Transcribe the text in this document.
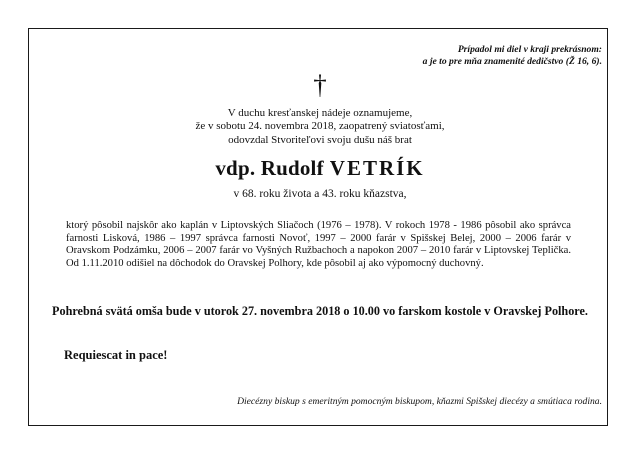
Prípadol mi diel v kraji prekrásnom:
a je to pre mňa znamenité dedičstvo (Ž 16, 6).
†
V duchu kresťanskej nádeje oznamujeme,
že v sobotu 24. novembra 2018, zaopatrený sviatosťami,
odovzdal Stvoriteľovi svoju dušu náš brat
vdp. Rudolf VETRÍK
v 68. roku života a 43. roku kňazstva,
ktorý pôsobil najskôr ako kaplán v Liptovských Sliačoch (1976 – 1978). V rokoch 1978 - 1986 pôsobil ako správca farnosti Lisková, 1986 – 1997 správca farnosti Novoť, 1997 – 2000 farár v Spišskej Belej, 2000 – 2006 farár v Oravskom Podzámku, 2006 – 2007 farár vo Vyšných Ružbachoch a napokon 2007 – 2010 farár v Liptovskej Teplička. Od 1.11.2010 odišiel na dôchodok do Oravskej Polhory, kde pôsobil aj ako výpomocný duchovný.
Pohrebná svätá omša bude v utorok 27. novembra 2018 o 10.00 vo farskom kostole v Oravskej Polhore.
Requiescat in pace!
Diecézny biskup s emeritným pomocným biskupom, kňazmi Spišskej diecézy a smútiaca rodina.
